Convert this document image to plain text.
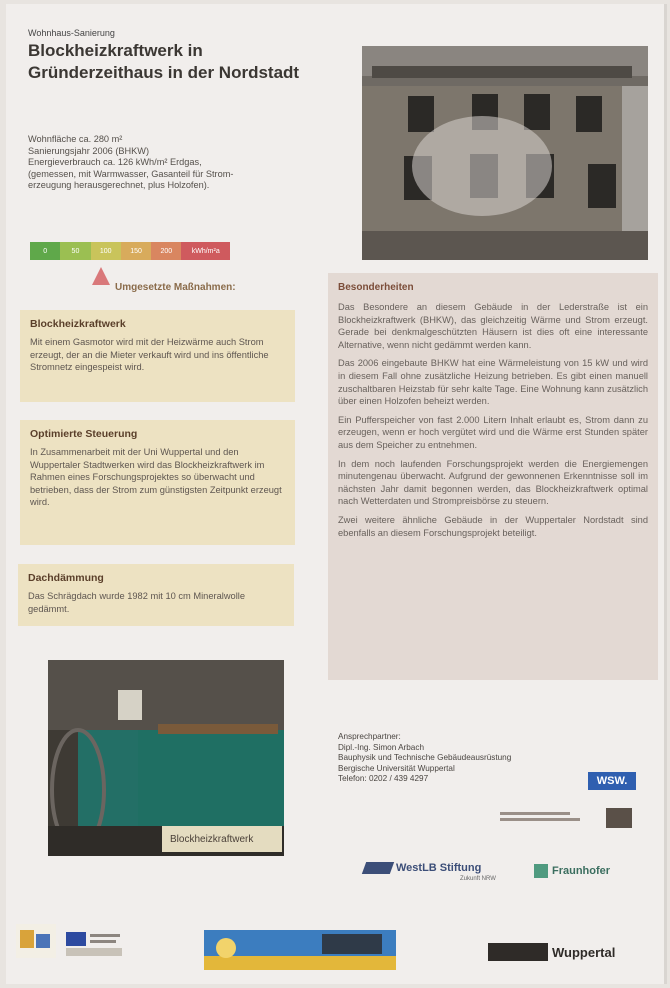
Wohnhaus-Sanierung
Blockheizkraftwerk in Gründerzeithaus in der Nordstadt
Wohnfläche ca. 280 m²
Sanierungsjahr 2006 (BHKW)
Energieverbrauch ca. 126 kWh/m² Erdgas,
(gemessen, mit Warmwasser, Gasanteil für Strom-
erzeugung herausgerechnet, plus Holzofen).
0	50	100	150	200	kWh/m²a
Umgesetzte Maßnahmen:
Blockheizkraftwerk

Mit einem Gasmotor wird mit der Heizwärme auch Strom erzeugt, der an die Mieter verkauft wird und ins öffentliche Stromnetz eingespeist wird.

Optimierte Steuerung

In Zusammenarbeit mit der Uni Wuppertal und den Wuppertaler Stadtwerken wird das Blockheizkraftwerk im Rahmen eines Forschungsprojektes so überwacht und betrieben, dass der Strom zum günstigsten Zeitpunkt erzeugt wird.

Dachdämmung

Das Schrägdach wurde 1982 mit 10 cm Mineralwolle gedämmt.

Besonderheiten

Das Besondere an diesem Gebäude in der Lederstraße ist ein Blockheizkraftwerk (BHKW), das gleichzeitig Wärme und Strom erzeugt. Gerade bei denkmalgeschützten Häusern ist dies oft eine interessante Alternative, wenn nicht gedämmt werden kann.

Das 2006 eingebaute BHKW hat eine Wärmeleistung von 15 kW und wird in diesem Fall ohne zusätzliche Heizung betrieben. Es gibt einen manuell zuschaltbaren Heizstab für sehr kalte Tage. Eine Wohnung kann zusätzlich über einen Holzofen beheizt werden.

Ein Pufferspeicher von fast 2.000 Litern Inhalt erlaubt es, Strom dann zu erzeugen, wenn er hoch vergütet wird und die Wärme erst Stunden später aus dem Speicher zu entnehmen.

In dem noch laufenden Forschungsprojekt werden die Energiemengen minutengenau überwacht. Aufgrund der gewonnenen Erkenntnisse soll im nächsten Jahr damit begonnen werden, das Blockheizkraftwerk optimal nach Wetterdaten und Strompreisbörse zu steuern.

Zwei weitere ähnliche Gebäude in der Wuppertaler Nordstadt sind ebenfalls an diesem Forschungsprojekt beteiligt.

Blockheizkraftwerk
Ansprechpartner:
Dipl.-Ing. Simon Arbach
Bauphysik und Technische Gebäudeausrüstung
Bergische Universität Wuppertal
Telefon: 0202 / 439 4297	WSW.
WestLB Stiftung
Zukunft NRW
Fraunhofer
Wuppertal
